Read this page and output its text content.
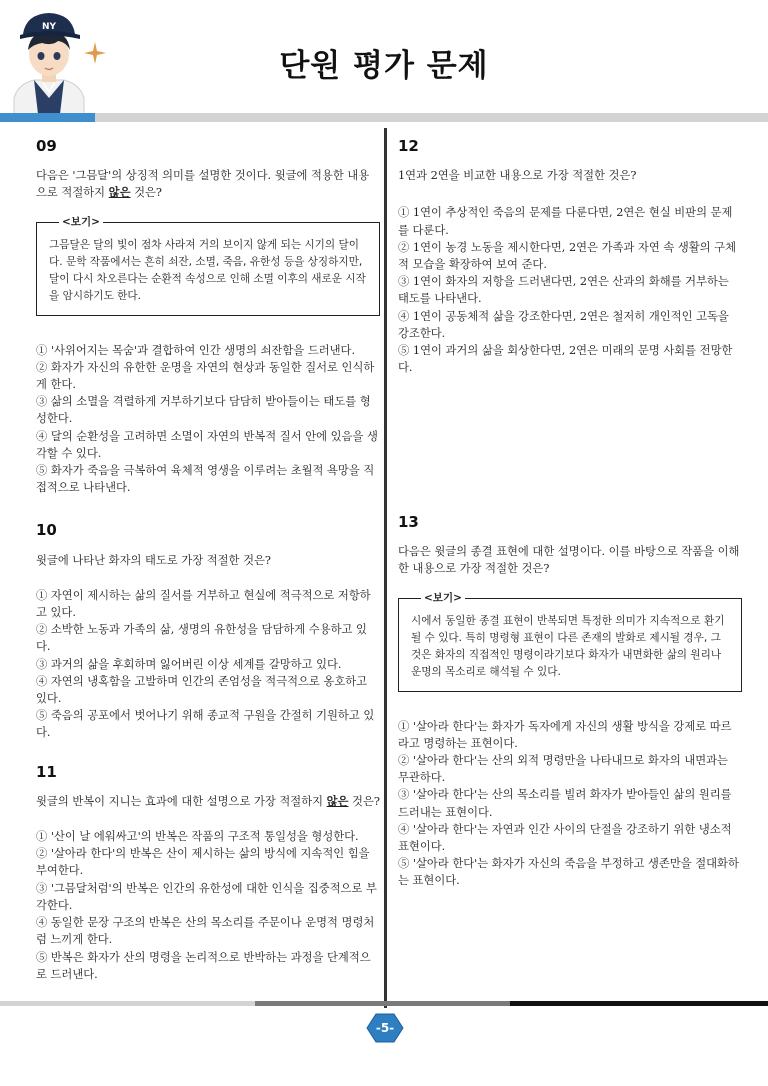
NY
단원 평가 문제
09
다음은 '그믐달'의 상징적 의미를 설명한 것이다. 윗글에 적용한 내용으로 적절하지 않은 것은?
<보기>
그믐달은 달의 빛이 점차 사라져 거의 보이지 않게 되는 시기의 달이다. 문학 작품에서는 흔히 쇠잔, 소멸, 죽음, 유한성 등을 상징하지만, 달이 다시 차오른다는 순환적 속성으로 인해 소멸 이후의 새로운 시작을 암시하기도 한다.

① '사위어지는 목숨'과 결합하여 인간 생명의 쇠잔함을 드러낸다.

② 화자가 자신의 유한한 운명을 자연의 현상과 동일한 질서로 인식하게 한다.

③ 삶의 소멸을 격렬하게 거부하기보다 담담히 받아들이는 태도를 형성한다.

④ 달의 순환성을 고려하면 소멸이 자연의 반복적 질서 안에 있음을 생각할 수 있다.

⑤ 화자가 죽음을 극복하여 육체적 영생을 이루려는 초월적 욕망을 직접적으로 나타낸다.

10
윗글에 나타난 화자의 태도로 가장 적절한 것은?

① 자연이 제시하는 삶의 질서를 거부하고 현실에 적극적으로 저항하고 있다.

② 소박한 노동과 가족의 삶, 생명의 유한성을 담담하게 수용하고 있다.

③ 과거의 삶을 후회하며 잃어버린 이상 세계를 갈망하고 있다.

④ 자연의 냉혹함을 고발하며 인간의 존엄성을 적극적으로 옹호하고 있다.

⑤ 죽음의 공포에서 벗어나기 위해 종교적 구원을 간절히 기원하고 있다.

11
윗글의 반복이 지니는 효과에 대한 설명으로 가장 적절하지 않은 것은?

① '산이 날 에워싸고'의 반복은 작품의 구조적 통일성을 형성한다.

② '살아라 한다'의 반복은 산이 제시하는 삶의 방식에 지속적인 힘을 부여한다.

③ '그믐달처럼'의 반복은 인간의 유한성에 대한 인식을 집중적으로 부각한다.

④ 동일한 문장 구조의 반복은 산의 목소리를 주문이나 운명적 명령처럼 느끼게 한다.

⑤ 반복은 화자가 산의 명령을 논리적으로 반박하는 과정을 단계적으로 드러낸다.

12
1연과 2연을 비교한 내용으로 가장 적절한 것은?

① 1연이 추상적인 죽음의 문제를 다룬다면, 2연은 현실 비판의 문제를 다룬다.

② 1연이 농경 노동을 제시한다면, 2연은 가족과 자연 속 생활의 구체적 모습을 확장하여 보여 준다.

③ 1연이 화자의 저항을 드러낸다면, 2연은 산과의 화해를 거부하는 태도를 나타낸다.

④ 1연이 공동체적 삶을 강조한다면, 2연은 철저히 개인적인 고독을 강조한다.

⑤ 1연이 과거의 삶을 회상한다면, 2연은 미래의 문명 사회를 전망한다.

13
다음은 윗글의 종결 표현에 대한 설명이다. 이를 바탕으로 작품을 이해한 내용으로 가장 적절한 것은?
<보기>
시에서 동일한 종결 표현이 반복되면 특정한 의미가 지속적으로 환기될 수 있다. 특히 명령형 표현이 다른 존재의 발화로 제시될 경우, 그것은 화자의 직접적인 명령이라기보다 화자가 내면화한 삶의 원리나 운명의 목소리로 해석될 수 있다.

① '살아라 한다'는 화자가 독자에게 자신의 생활 방식을 강제로 따르라고 명령하는 표현이다.

② '살아라 한다'는 산의 외적 명령만을 나타내므로 화자의 내면과는 무관하다.

③ '살아라 한다'는 산의 목소리를 빌려 화자가 받아들인 삶의 원리를 드러내는 표현이다.

④ '살아라 한다'는 자연과 인간 사이의 단절을 강조하기 위한 냉소적 표현이다.

⑤ '살아라 한다'는 화자가 자신의 죽음을 부정하고 생존만을 절대화하는 표현이다.

-5-
